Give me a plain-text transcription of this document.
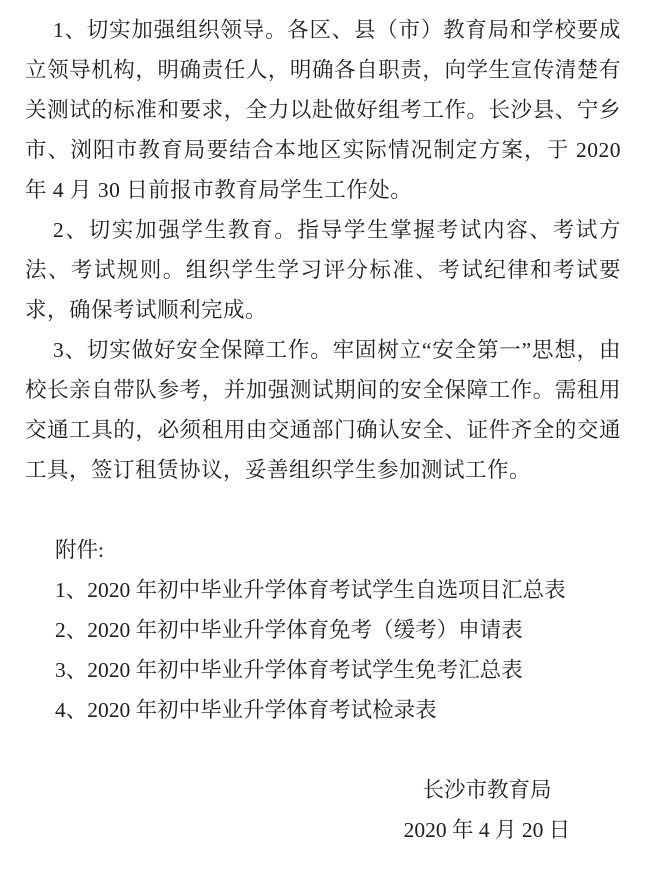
1、切实加强组织领导。各区、县（市）教育局和学校要成立领导机构，明确责任人，明确各自职责，向学生宣传清楚有关测试的标准和要求，全力以赴做好组考工作。长沙县、宁乡市、浏阳市教育局要结合本地区实际情况制定方案，于 2020 年 4 月 30 日前报市教育局学生工作处。

2、切实加强学生教育。指导学生掌握考试内容、考试方法、考试规则。组织学生学习评分标准、考试纪律和考试要求，确保考试顺利完成。

3、切实做好安全保障工作。牢固树立“安全第一”思想，由校长亲自带队参考，并加强测试期间的安全保障工作。需租用交通工具的，必须租用由交通部门确认安全、证件齐全的交通工具，签订租赁协议，妥善组织学生参加测试工作。

附件:

1、2020 年初中毕业升学体育考试学生自选项目汇总表

2、2020 年初中毕业升学体育免考（缓考）申请表

3、2020 年初中毕业升学体育考试学生免考汇总表

4、2020 年初中毕业升学体育考试检录表

长沙市教育局

2020 年 4 月 20 日
